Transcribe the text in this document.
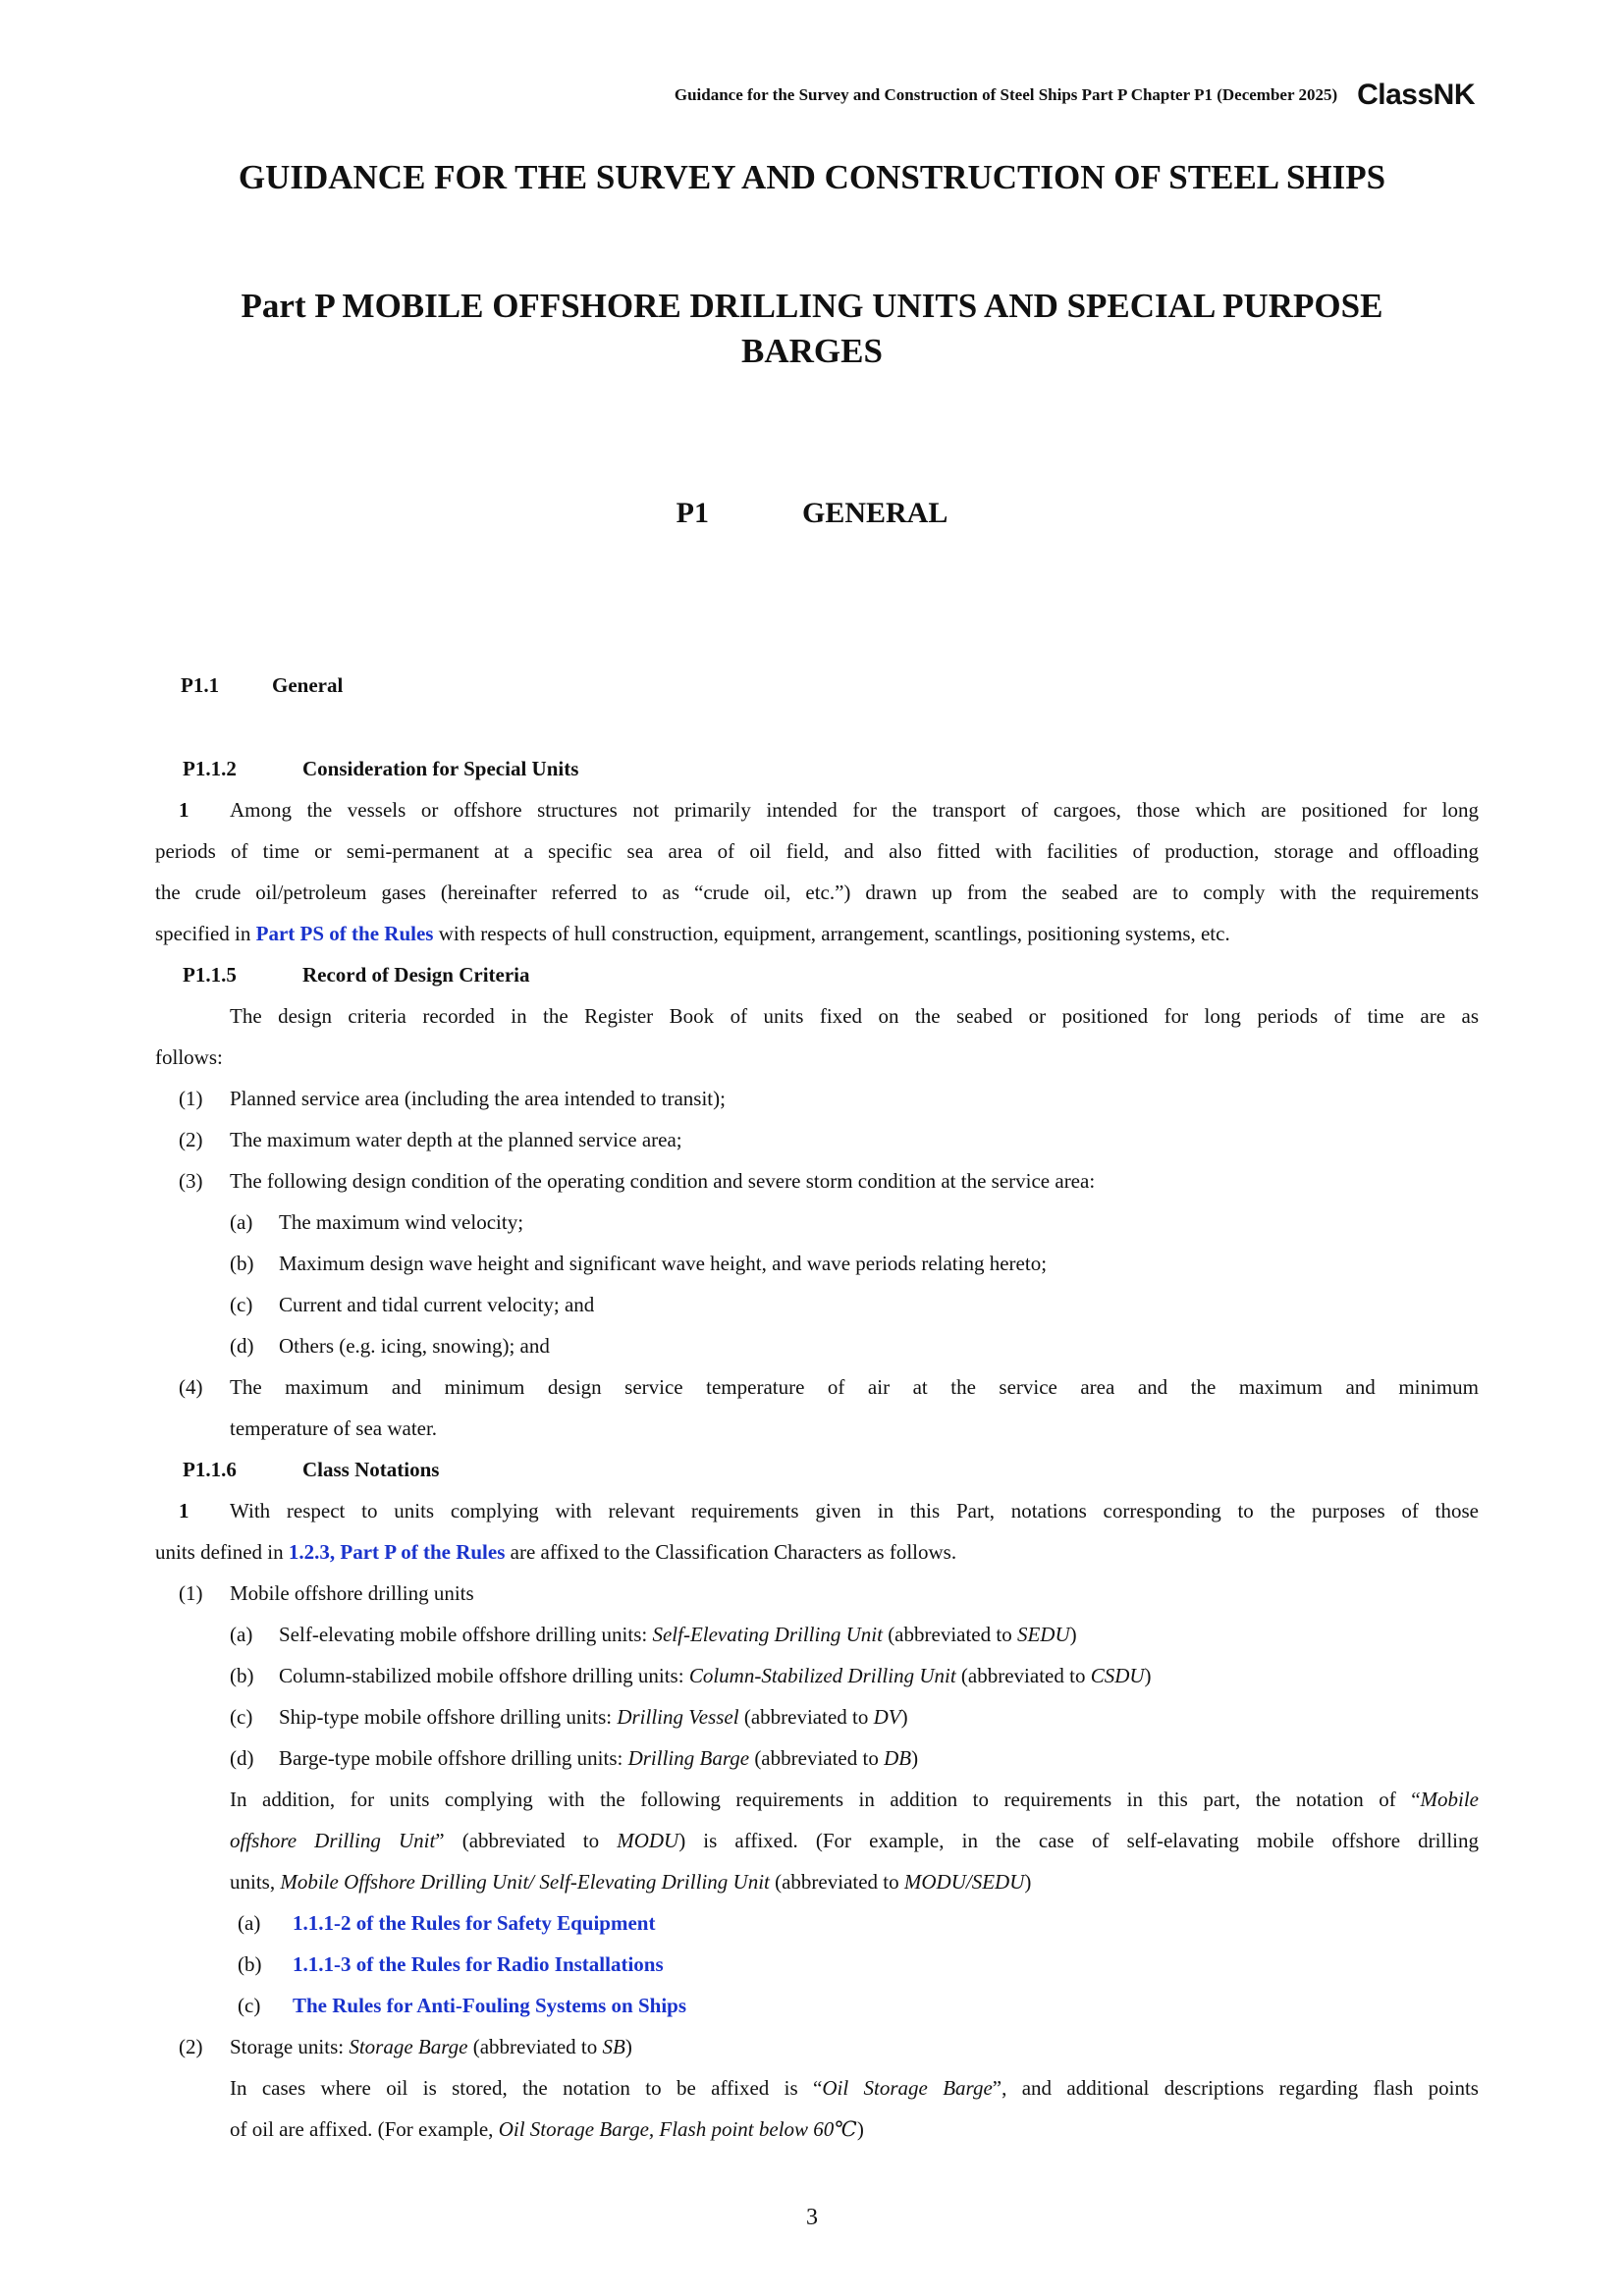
Guidance for the Survey and Construction of Steel Ships Part P Chapter P1 (December 2025) ClassNK
GUIDANCE FOR THE SURVEY AND CONSTRUCTION OF STEEL SHIPS
Part P MOBILE OFFSHORE DRILLING UNITS AND SPECIAL PURPOSE
BARGES
P1	GENERAL
P1.1	General
P1.1.2	Consideration for Special Units
1 Among the vessels or offshore structures not primarily intended for the transport of cargoes, those which are positioned for long
periods of time or semi-permanent at a specific sea area of oil field, and also fitted with facilities of production, storage and offloading
the crude oil/petroleum gases (hereinafter referred to as “crude oil, etc.”) drawn up from the seabed are to comply with the requirements
specified in Part PS of the Rules with respects of hull construction, equipment, arrangement, scantlings, positioning systems, etc.
P1.1.5	Record of Design Criteria
The design criteria recorded in the Register Book of units fixed on the seabed or positioned for long periods of time are as
follows:
(1) Planned service area (including the area intended to transit);
(2) The maximum water depth at the planned service area;
(3) The following design condition of the operating condition and severe storm condition at the service area:
(a) The maximum wind velocity;
(b) Maximum design wave height and significant wave height, and wave periods relating hereto;
(c) Current and tidal current velocity; and
(d) Others (e.g. icing, snowing); and
(4) The maximum and minimum design service temperature of air at the service area and the maximum and minimum
temperature of sea water.
P1.1.6	Class Notations
1 With respect to units complying with relevant requirements given in this Part, notations corresponding to the purposes of those
units defined in 1.2.3, Part P of the Rules are affixed to the Classification Characters as follows.
(1) Mobile offshore drilling units
(a) Self-elevating mobile offshore drilling units: Self-Elevating Drilling Unit (abbreviated to SEDU)
(b) Column-stabilized mobile offshore drilling units: Column-Stabilized Drilling Unit (abbreviated to CSDU)
(c) Ship-type mobile offshore drilling units: Drilling Vessel (abbreviated to DV)
(d) Barge-type mobile offshore drilling units: Drilling Barge (abbreviated to DB)
In addition, for units complying with the following requirements in addition to requirements in this part, the notation of “Mobile
offshore Drilling Unit” (abbreviated to MODU) is affixed. (For example, in the case of self-elavating mobile offshore drilling
units, Mobile Offshore Drilling Unit/ Self-Elevating Drilling Unit (abbreviated to MODU/SEDU)
(a) 1.1.1-2 of the Rules for Safety Equipment
(b) 1.1.1-3 of the Rules for Radio Installations
(c) The Rules for Anti-Fouling Systems on Ships
(2) Storage units: Storage Barge (abbreviated to SB)
In cases where oil is stored, the notation to be affixed is “Oil Storage Barge”, and additional descriptions regarding flash points
of oil are affixed. (For example, Oil Storage Barge, Flash point below 60℃)
3
